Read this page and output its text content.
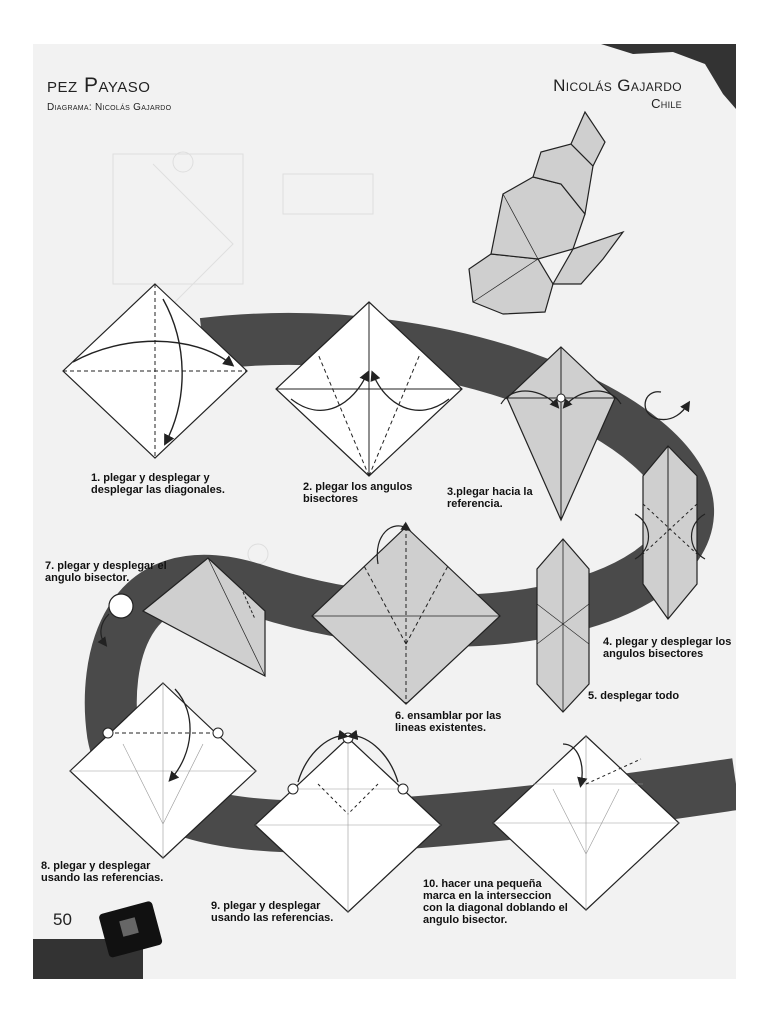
pez Payaso
Diagrama: Nicolás Gajardo
Nicolás Gajardo
Chile
1. plegar y desplegar y desplegar las diagonales.	2. plegar los angulos bisectores
3.plegar hacia la referencia.
4. plegar y desplegar los angulos bisectores
5. desplegar todo
6. ensamblar por las lineas existentes.
7. plegar y desplegar el angulo bisector.
8. plegar y desplegar usando las referencias.
9. plegar y desplegar usando las referencias.
10. hacer una pequeña marca en la interseccion con la diagonal doblando el angulo bisector.
50
